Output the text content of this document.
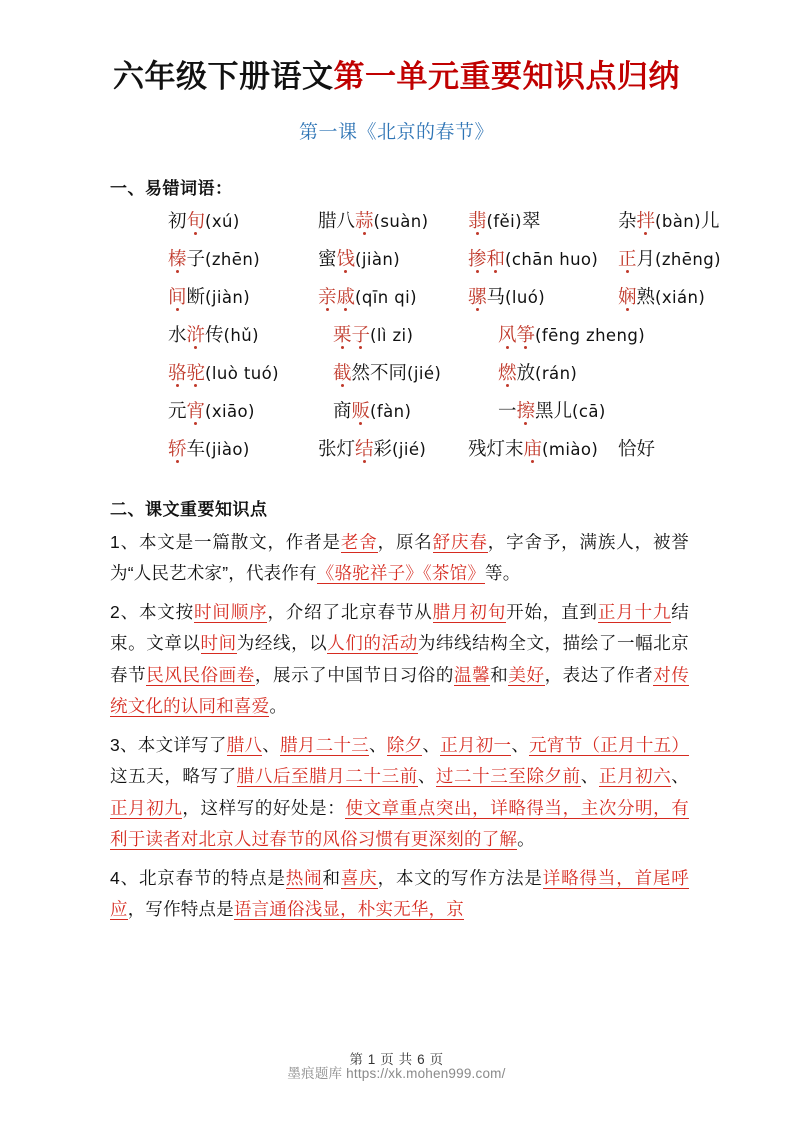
六年级下册语文第一单元重要知识点归纳
第一课《北京的春节》
一、易错词语：
初旬(xú)	腊八蒜(suàn) 翡(fěi)翠	杂拌(bàn)儿
榛子(zhēn)	蜜饯(jiàn)	掺和(chān huo) 正月(zhēng)
间断(jiàn)	亲戚(qīn qi)	骡马(luó)	娴熟(xián)
水浒传(hǔ)	栗子(lì zi)	风筝(fēng zheng)
骆驼(luò tuó)	截然不同(jié)	燃放(rán)
元宵(xiāo)	商贩(fàn)	一擦黑儿(cā)
轿车(jiào)	张灯结彩(jié) 残灯末庙(miào) 恰好
二、课文重要知识点

1、本文是一篇散文，作者是老舍，原名舒庆春，字舍予，满族人，被誉为“人民艺术家”，代表作有《骆驼祥子》《茶馆》等。

2、本文按时间顺序，介绍了北京春节从腊月初旬开始，直到正月十九结束。文章以时间为经线，以人们的活动为纬线结构全文，描绘了一幅北京春节民风民俗画卷，展示了中国节日习俗的温馨和美好，表达了作者对传统文化的认同和喜爱。

3、本文详写了腊八、腊月二十三、除夕、正月初一、元宵节（正月十五）这五天，略写了腊八后至腊月二十三前、过二十三至除夕前、正月初六、正月初九，这样写的好处是：使文章重点突出，详略得当，主次分明，有利于读者对北京人过春节的风俗习惯有更深刻的了解。

4、北京春节的特点是热闹和喜庆，本文的写作方法是详略得当，首尾呼应，写作特点是语言通俗浅显，朴实无华，京

第 1 页 共 6 页
墨痕题库 https://xk.mohen999.com/
